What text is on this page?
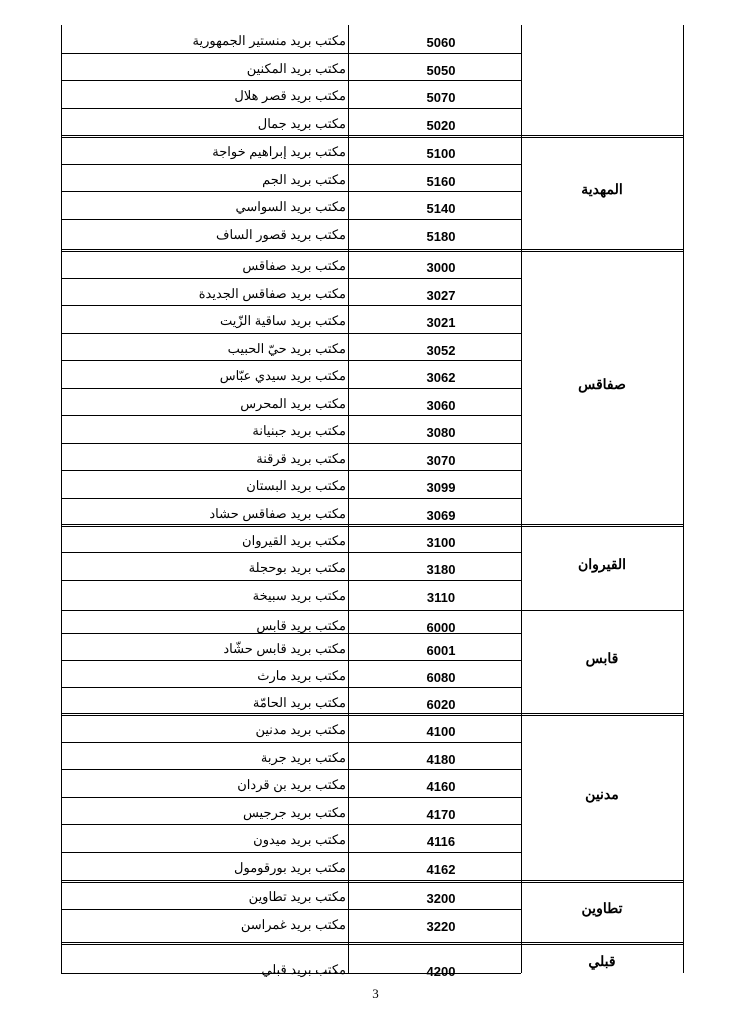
مكتب بريد منستير الجمهورية	5060
مكتب بريد المكنين	5050
مكتب بريد قصر هلال	5070
مكتب بريد جمال	5020
مكتب بريد إبراهيم خواجة	5100
مكتب بريد الجم	5160
مكتب بريد السواسي	5140
مكتب بريد قصور الساف	5180
المهدية
مكتب بريد صفاقس	3000
مكتب بريد صفاقس الجديدة	3027
مكتب بريد ساقية الزّيت	3021
مكتب بريد حيّ الحبيب	3052
مكتب بريد سيدي عبّاس	3062
مكتب بريد المحرس	3060
مكتب بريد جبنيانة	3080
مكتب بريد قرقنة	3070
مكتب بريد البستان	3099
مكتب بريد صفاقس حشاد	3069
صفاقس
مكتب بريد القيروان	3100
مكتب بريد بوحجلة	3180
مكتب بريد سبيخة	3110
القيروان
مكتب بريد قابس	6000
مكتب بريد قابس حشّاد	6001
مكتب بريد مارث	6080
مكتب بريد الحامّة	6020
قابس
مكتب بريد مدنين	4100
مكتب بريد جربة	4180
مكتب بريد بن قردان	4160
مكتب بريد جرجيس	4170
مكتب بريد ميدون	4116
مكتب بريد بورقومول	4162
مدنين
مكتب بريد تطاوين	3200
مكتب بريد غمراسن	3220
تطاوين
مكتب بريد قبلي	4200
قبلي
3
